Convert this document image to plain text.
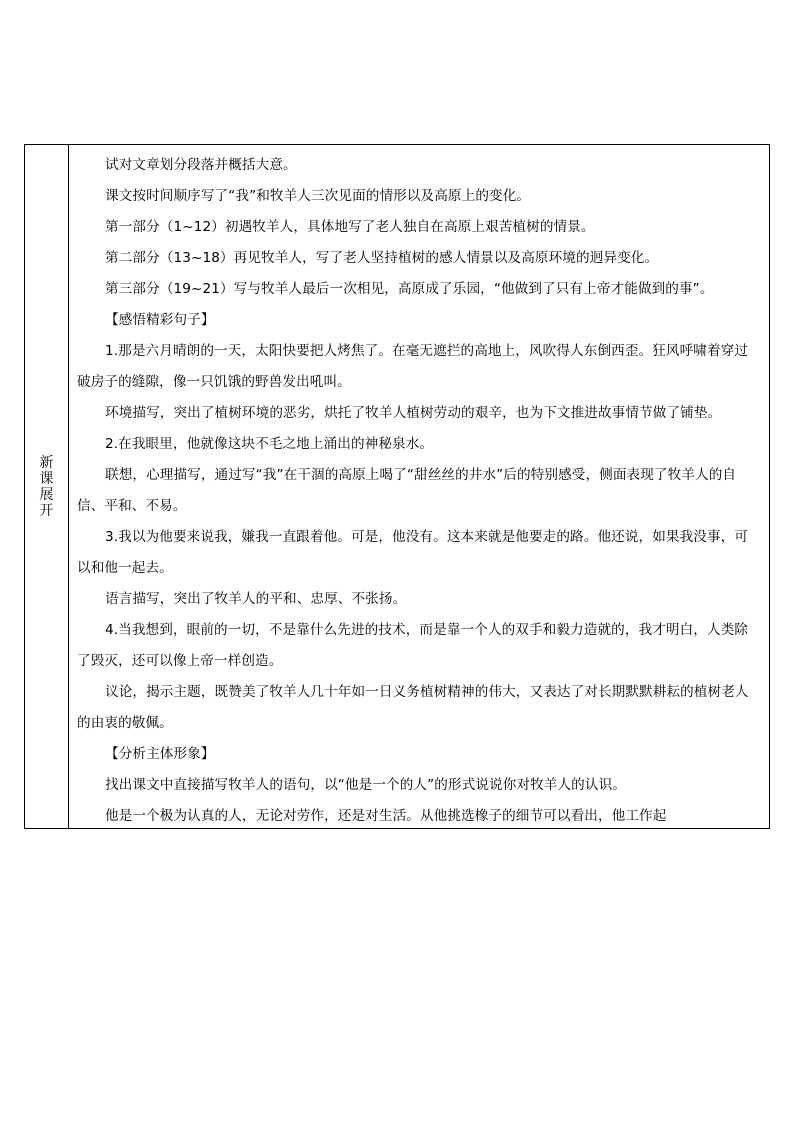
新
课
展
开

试对文章划分段落并概括大意。

课文按时间顺序写了“我”和牧羊人三次见面的情形以及高原上的变化。

第一部分（1~12）初遇牧羊人，具体地写了老人独自在高原上艰苦植树的情景。

第二部分（13~18）再见牧羊人，写了老人坚持植树的感人情景以及高原环境的迥异变化。

第三部分（19~21）写与牧羊人最后一次相见，高原成了乐园，“他做到了只有上帝才能做到的事”。

【感悟精彩句子】

1.那是六月晴朗的一天，太阳快要把人烤焦了。在毫无遮拦的高地上，风吹得人东倒西歪。狂风呼啸着穿过破房子的缝隙，像一只饥饿的野兽发出吼叫。

环境描写，突出了植树环境的恶劣，烘托了牧羊人植树劳动的艰辛，也为下文推进故事情节做了铺垫。

2.在我眼里，他就像这块不毛之地上涌出的神秘泉水。

联想，心理描写，通过写“我”在干涸的高原上喝了“甜丝丝的井水”后的特别感受，侧面表现了牧羊人的自信、平和、不易。

3.我以为他要来说我，嫌我一直跟着他。可是，他没有。这本来就是他要走的路。他还说，如果我没事，可以和他一起去。

语言描写，突出了牧羊人的平和、忠厚、不张扬。

4.当我想到，眼前的一切，不是靠什么先进的技术，而是靠一个人的双手和毅力造就的，我才明白，人类除了毁灭，还可以像上帝一样创造。

议论，揭示主题，既赞美了牧羊人几十年如一日义务植树精神的伟大，又表达了对长期默默耕耘的植树老人的由衷的敬佩。

【分析主体形象】

找出课文中直接描写牧羊人的语句，以“他是一个的人”的形式说说你对牧羊人的认识。

他是一个极为认真的人，无论对劳作，还是对生活。从他挑选橡子的细节可以看出，他工作起
